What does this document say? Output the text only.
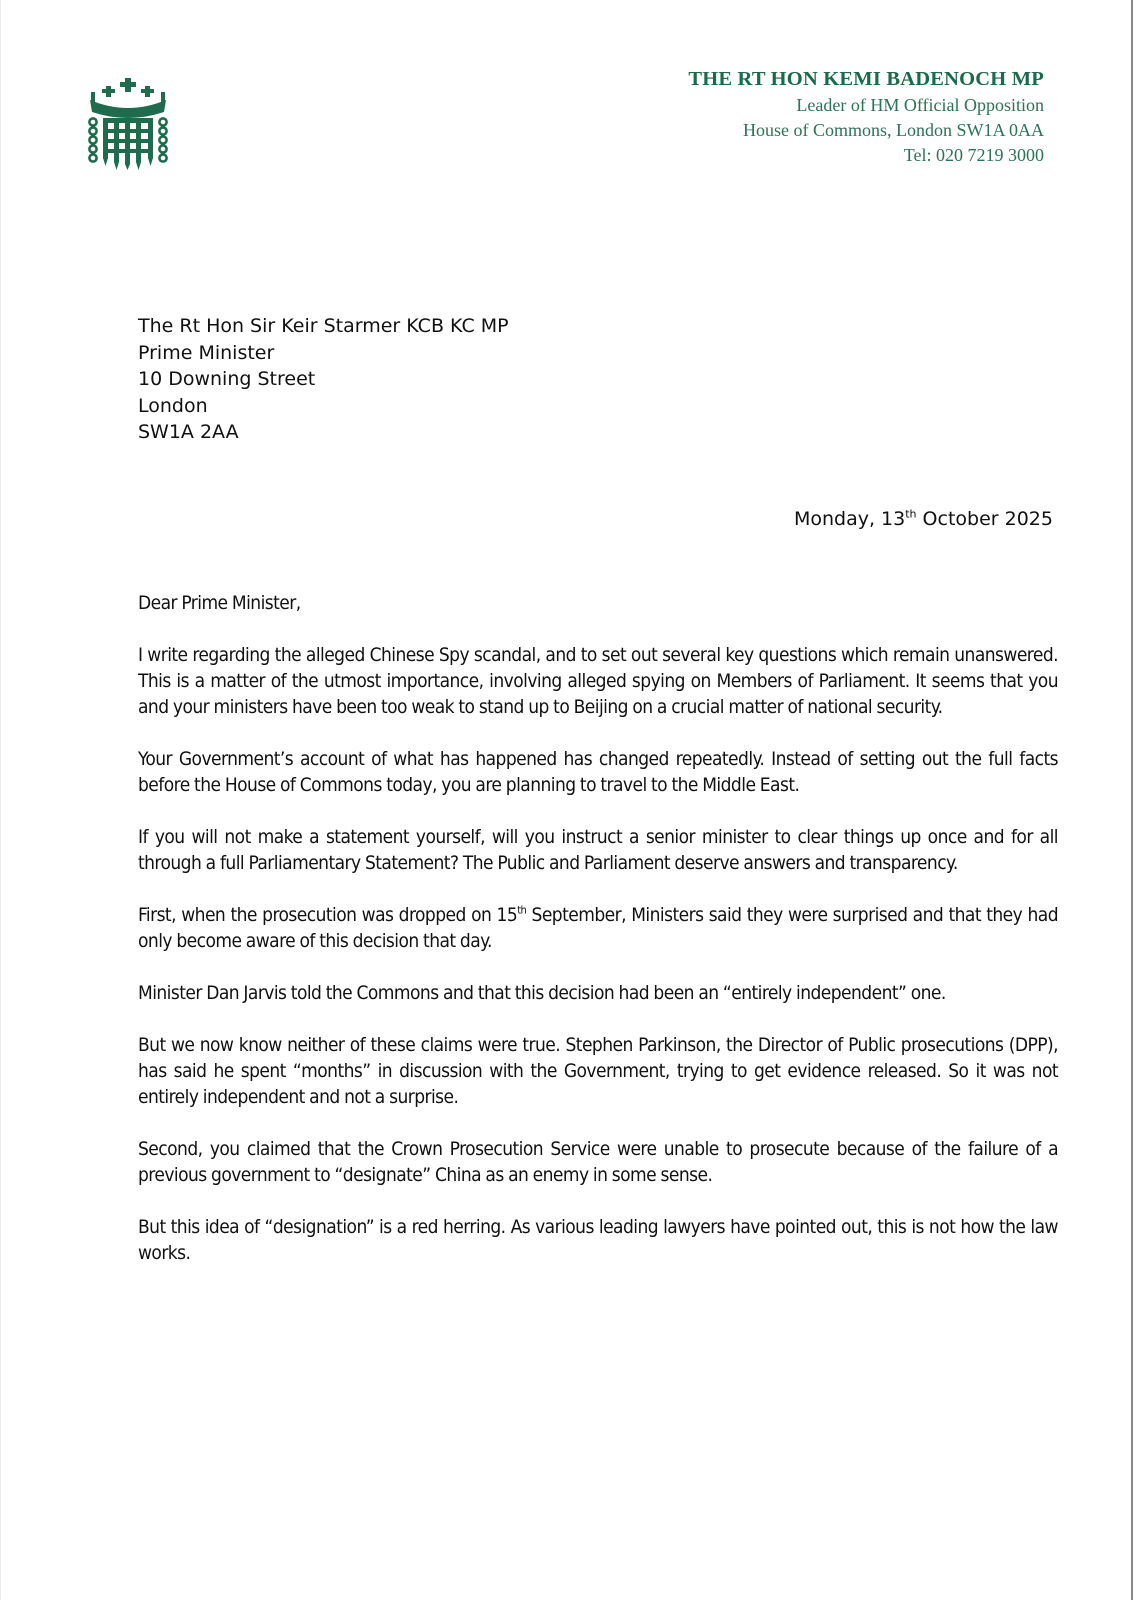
THE RT HON KEMI BADENOCH MP
Leader of HM Official Opposition
House of Commons, London SW1A 0AA
Tel: 020 7219 3000
The Rt Hon Sir Keir Starmer KCB KC MP
Prime Minister
10 Downing Street
London
SW1A 2AA
Monday, 13th October 2025

Dear Prime Minister,

I write regarding the alleged Chinese Spy scandal, and to set out several key questions which remain unanswered. This is a matter of the utmost importance, involving alleged spying on Members of Parliament. It seems that you and your ministers have been too weak to stand up to Beijing on a crucial matter of national security.

Your Government’s account of what has happened has changed repeatedly. Instead of setting out the full facts before the House of Commons today, you are planning to travel to the Middle East.

If you will not make a statement yourself, will you instruct a senior minister to clear things up once and for all through a full Parliamentary Statement? The Public and Parliament deserve answers and transparency.

First, when the prosecution was dropped on 15th September, Ministers said they were surprised and that they had only become aware of this decision that day.

Minister Dan Jarvis told the Commons and that this decision had been an “entirely independent” one.

But we now know neither of these claims were true. Stephen Parkinson, the Director of Public prosecutions (DPP), has said he spent “months” in discussion with the Government, trying to get evidence released. So it was not entirely independent and not a surprise.

Second, you claimed that the Crown Prosecution Service were unable to prosecute because of the failure of a previous government to “designate” China as an enemy in some sense.

But this idea of “designation” is a red herring. As various leading lawyers have pointed out, this is not how the law works.
